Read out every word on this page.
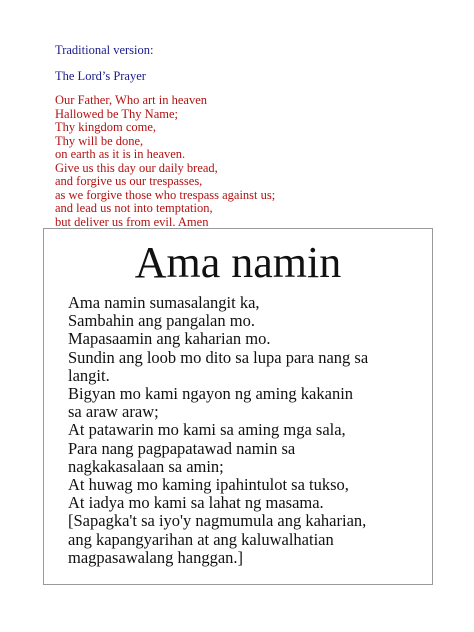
Traditional version:
The Lord’s Prayer
Our Father, Who art in heaven
Hallowed be Thy Name;
Thy kingdom come,
Thy will be done,
on earth as it is in heaven.
Give us this day our daily bread,
and forgive us our trespasses,
as we forgive those who trespass against us;
and lead us not into temptation,
but deliver us from evil. Amen
Ama namin
Ama namin sumasalangit ka,
Sambahin ang pangalan mo.
Mapasaamin ang kaharian mo.
Sundin ang loob mo dito sa lupa para nang sa
langit.
Bigyan mo kami ngayon ng aming kakanin
sa araw araw;
At patawarin mo kami sa aming mga sala,
Para nang pagpapatawad namin sa
nagkakasalaan sa amin;
At huwag mo kaming ipahintulot sa tukso,
At iadya mo kami sa lahat ng masama.
[Sapagka't sa iyo'y nagmumula ang kaharian,
ang kapangyarihan at ang kaluwalhatian
magpasawalang hanggan.]
